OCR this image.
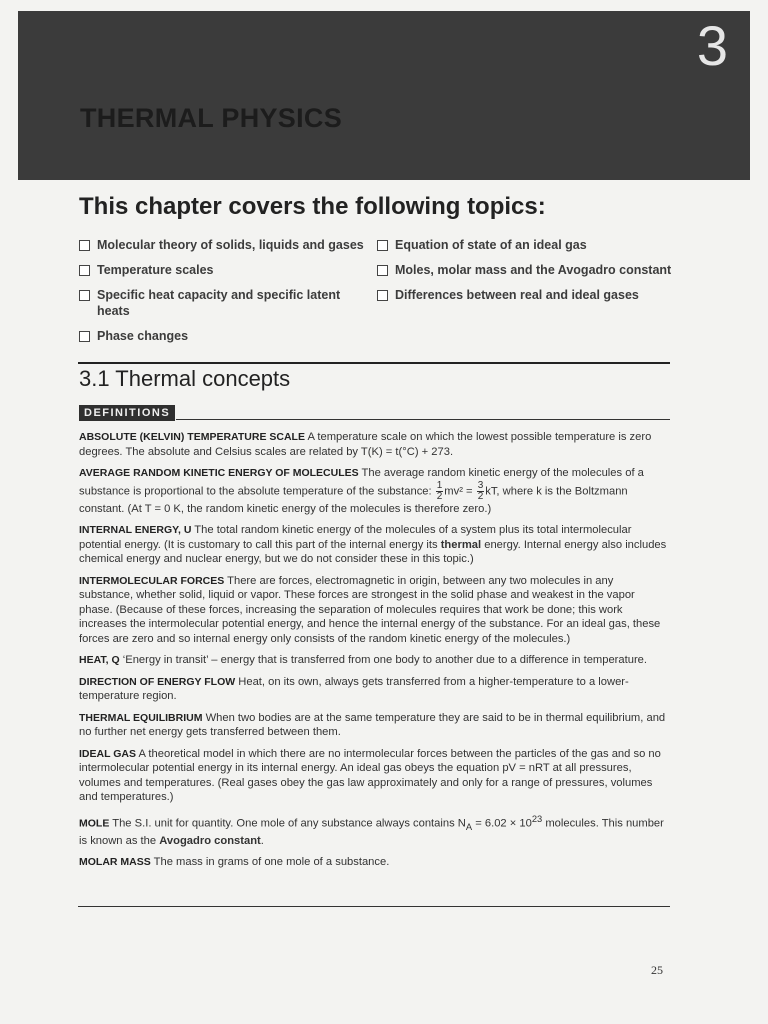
3
THERMAL PHYSICS
This chapter covers the following topics:
Molecular theory of solids, liquids and gases
Temperature scales
Specific heat capacity and specific latent heats
Phase changes
Equation of state of an ideal gas
Moles, molar mass and the Avogadro constant
Differences between real and ideal gases
3.1 Thermal concepts
DEFINITIONS

ABSOLUTE (KELVIN) TEMPERATURE SCALE A temperature scale on which the lowest possible temperature is zero degrees. The absolute and Celsius scales are related by T(K) = t(°C) + 273.

AVERAGE RANDOM KINETIC ENERGY OF MOLECULES The average random kinetic energy of the molecules of a substance is proportional to the absolute temperature of the substance: $\frac{1}{2} mv^2 = \frac{3}{2}$ kT, where k is the Boltzmann constant. (At T = 0 K, the random kinetic energy of the molecules is therefore zero.)

INTERNAL ENERGY, U The total random kinetic energy of the molecules of a system plus its total intermolecular potential energy. (It is customary to call this part of the internal energy its thermal energy. Internal energy also includes chemical energy and nuclear energy, but we do not consider these in this topic.)

INTERMOLECULAR FORCES There are forces, electromagnetic in origin, between any two molecules in any substance, whether solid, liquid or vapor. These forces are strongest in the solid phase and weakest in the vapor phase. (Because of these forces, increasing the separation of molecules requires that work be done; this work increases the intermolecular potential energy, and hence the internal energy of the substance. For an ideal gas, these forces are zero and so internal energy only consists of the random kinetic energy of the molecules.)

HEAT, Q ‘Energy in transit’ – energy that is transferred from one body to another due to a difference in temperature.

DIRECTION OF ENERGY FLOW Heat, on its own, always gets transferred from a higher-temperature to a lower-temperature region.

THERMAL EQUILIBRIUM When two bodies are at the same temperature they are said to be in thermal equilibrium, and no further net energy gets transferred between them.

IDEAL GAS A theoretical model in which there are no intermolecular forces between the particles of the gas and so no intermolecular potential energy in its internal energy. An ideal gas obeys the equation pV = nRT at all pressures, volumes and temperatures. (Real gases obey the gas law approximately and only for a range of pressures, volumes and temperatures.)

MOLE The S.I. unit for quantity. One mole of any substance always contains $N_A = 6.02 \times 10^{23}$ molecules. This number is known as the Avogadro constant.

MOLAR MASS The mass in grams of one mole of a substance.

25
